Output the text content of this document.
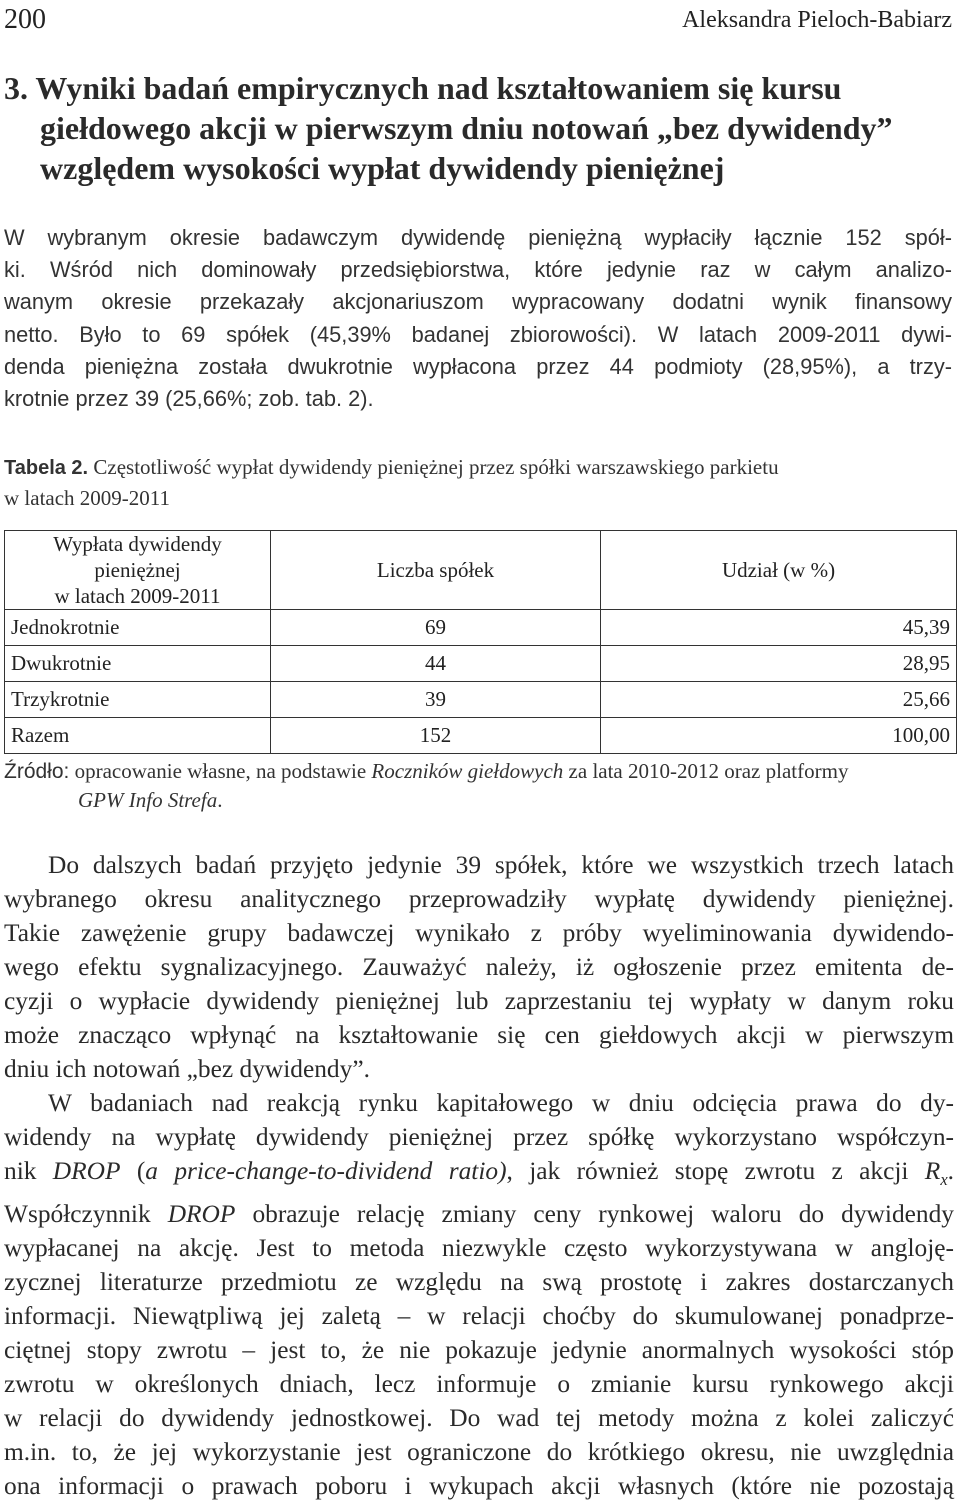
200	Aleksandra Pieloch-Babiarz
3. Wyniki badań empirycznych nad kształtowaniem się kursu
giełdowego akcji w pierwszym dniu notowań „bez dywidendy”
względem wysokości wypłat dywidendy pieniężnej

W wybranym okresie badawczym dywidendę pieniężną wypłaciły łącznie 152 spół-
ki. Wśród nich dominowały przedsiębiorstwa, które jedynie raz w całym analizo-
wanym okresie przekazały akcjonariuszom wypracowany dodatni wynik finansowy
netto. Było to 69 spółek (45,39% badanej zbiorowości). W latach 2009-2011 dywi-
denda pieniężna została dwukrotnie wypłacona przez 44 podmioty (28,95%), a trzy-
krotnie przez 39 (25,66%; zob. tab. 2).

Tabela 2. Częstotliwość wypłat dywidendy pieniężnej przez spółki warszawskiego parkietu
w latach 2009-2011

Wypłata dywidendy pieniężnej
w latach 2009-2011	Liczba spółek	Udział (w %)
Jednokrotnie	69	45,39
Dwukrotnie	44	28,95
Trzykrotnie	39	25,66
Razem	152	100,00

Źródło: opracowanie własne, na podstawie Roczników giełdowych za lata 2010-2012 oraz platformy
GPW Info Strefa.

Do dalszych badań przyjęto jedynie 39 spółek, które we wszystkich trzech latach
wybranego okresu analitycznego przeprowadziły wypłatę dywidendy pieniężnej.
Takie zawężenie grupy badawczej wynikało z próby wyeliminowania dywidendo-
wego efektu sygnalizacyjnego. Zauważyć należy, iż ogłoszenie przez emitenta de-
cyzji o wypłacie dywidendy pieniężnej lub zaprzestaniu tej wypłaty w danym roku
może znacząco wpłynąć na kształtowanie się cen giełdowych akcji w pierwszym
dniu ich notowań „bez dywidendy”.

W badaniach nad reakcją rynku kapitałowego w dniu odcięcia prawa do dy-
widendy na wypłatę dywidendy pieniężnej przez spółkę wykorzystano współczyn-
nik DROP (a price-change-to-dividend ratio), jak również stopę zwrotu z akcji $R_x$.
Współczynnik DROP obrazuje relację zmiany ceny rynkowej waloru do dywidendy
wypłacanej na akcję. Jest to metoda niezwykle często wykorzystywana w angloję-
zycznej literaturze przedmiotu ze względu na swą prostotę i zakres dostarczanych
informacji. Niewątpliwą jej zaletą – w relacji choćby do skumulowanej ponadprze-
ciętnej stopy zwrotu – jest to, że nie pokazuje jedynie anormalnych wysokości stóp
zwrotu w określonych dniach, lecz informuje o zmianie kursu rynkowego akcji
w relacji do dywidendy jednostkowej. Do wad tej metody można z kolei zaliczyć
m.in. to, że jej wykorzystanie jest ograniczone do krótkiego okresu, nie uwzględnia
ona informacji o prawach poboru i wykupach akcji własnych (które nie pozostają
